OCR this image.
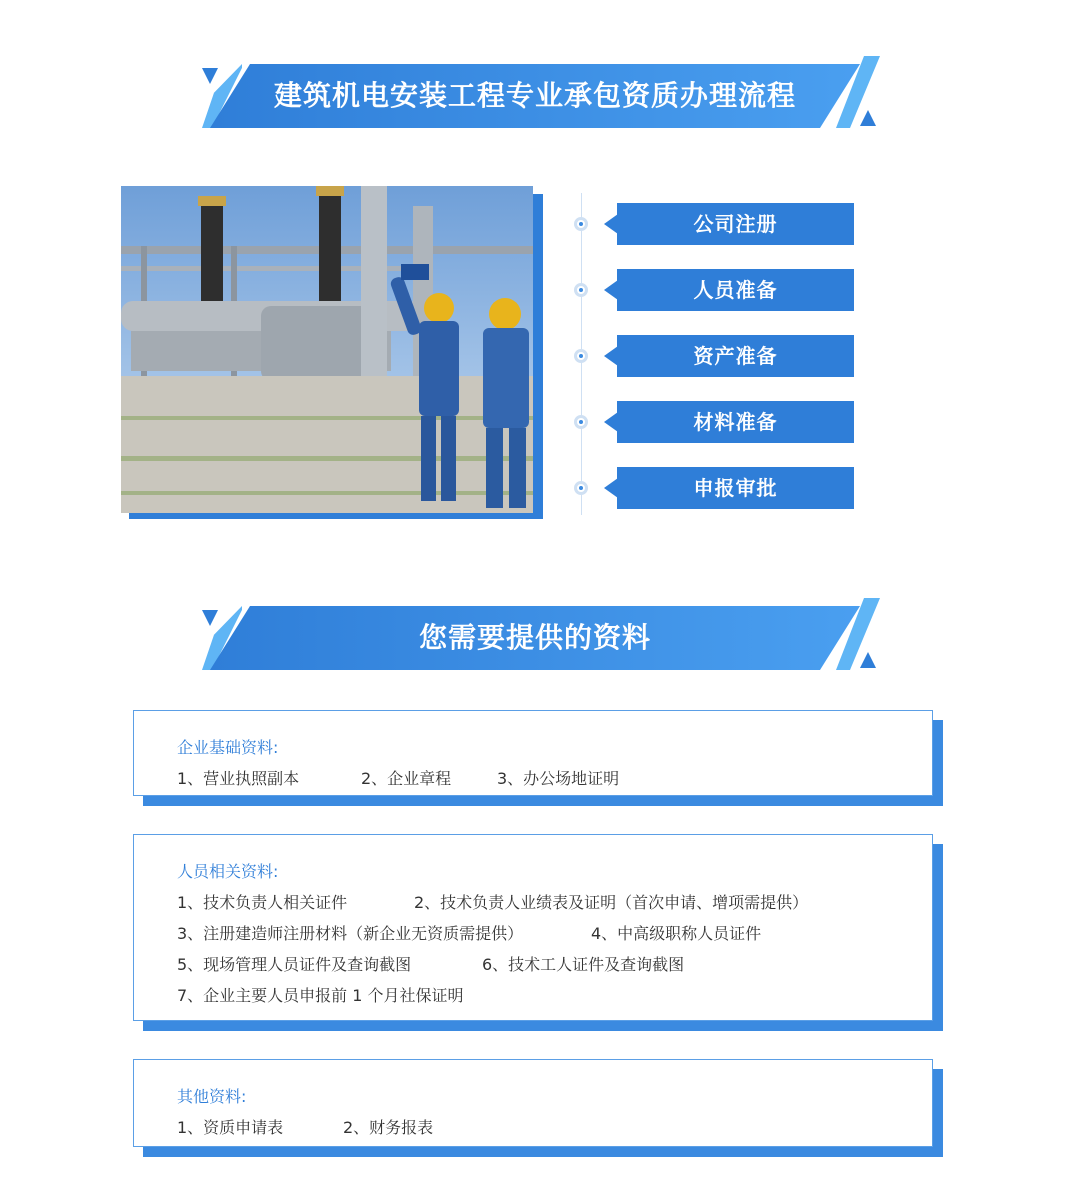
建筑机电安装工程专业承包资质办理流程
公司注册
人员准备
资产准备
材料准备
申报审批
您需要提供的资料
企业基础资料:
1、营业执照副本	2、企业章程	3、办公场地证明
人员相关资料:
1、技术负责人相关证件	2、技术负责人业绩表及证明（首次申请、增项需提供）
3、注册建造师注册材料（新企业无资质需提供）	4、中高级职称人员证件
5、现场管理人员证件及查询截图	6、技术工人证件及查询截图
7、企业主要人员申报前 1 个月社保证明
其他资料:
1、资质申请表	2、财务报表
